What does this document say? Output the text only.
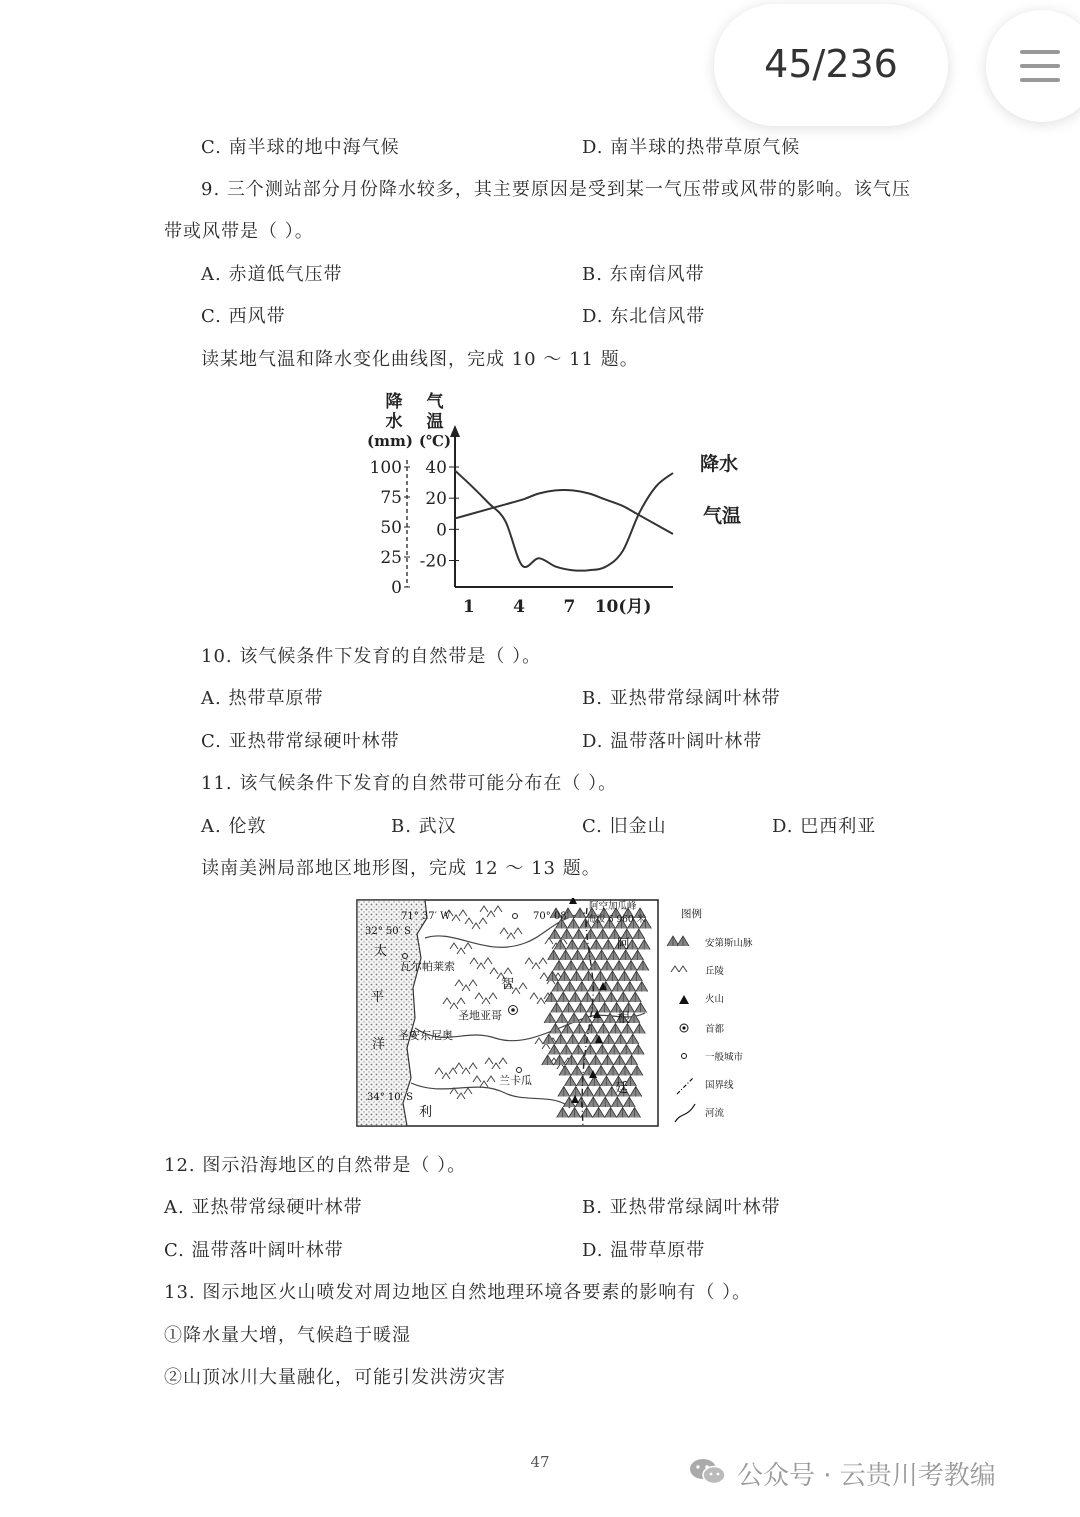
45/236
C. 南半球的地中海气候	D. 南半球的热带草原气候
9. 三个测站部分月份降水较多，其主要原因是受到某一气压带或风带的影响。该气压
带或风带是（ ）。
A. 赤道低气压带	B. 东南信风带
C. 西风带	D. 东北信风带
读某地气温和降水变化曲线图，完成 10 ～ 11 题。
降
水
(mm)
气
温
(℃)
100
75
50
25
0
40
20
0
-20
1 4 7 10(月)
降水
气温
10. 该气候条件下发育的自然带是（ ）。
A. 热带草原带	B. 亚热带常绿阔叶林带
C. 亚热带常绿硬叶林带	D. 温带落叶阔叶林带
11. 该气候条件下发育的自然带可能分布在（ ）。
A. 伦敦	B. 武汉	C. 旧金山	D. 巴西利亚
读南美洲局部地区地形图，完成 12 ～ 13 题。
71° 37′ W	70° 08′
32° 50′ S
34° 10′ S
阿空加瓜峰
海拔 6 960 米
瓦尔帕莱索
圣地亚哥
圣安东尼奥
兰卡瓜
太
平
洋
智
利
阿
根
廷
图例
安第斯山脉
丘陵
火山
首都
一般城市
国界线
河流
12. 图示沿海地区的自然带是（ ）。
A. 亚热带常绿硬叶林带	B. 亚热带常绿阔叶林带
C. 温带落叶阔叶林带	D. 温带草原带
13. 图示地区火山喷发对周边地区自然地理环境各要素的影响有（ ）。
①降水量大增，气候趋于暖湿
②山顶冰川大量融化，可能引发洪涝灾害
47	公众号 · 云贵川考教编
